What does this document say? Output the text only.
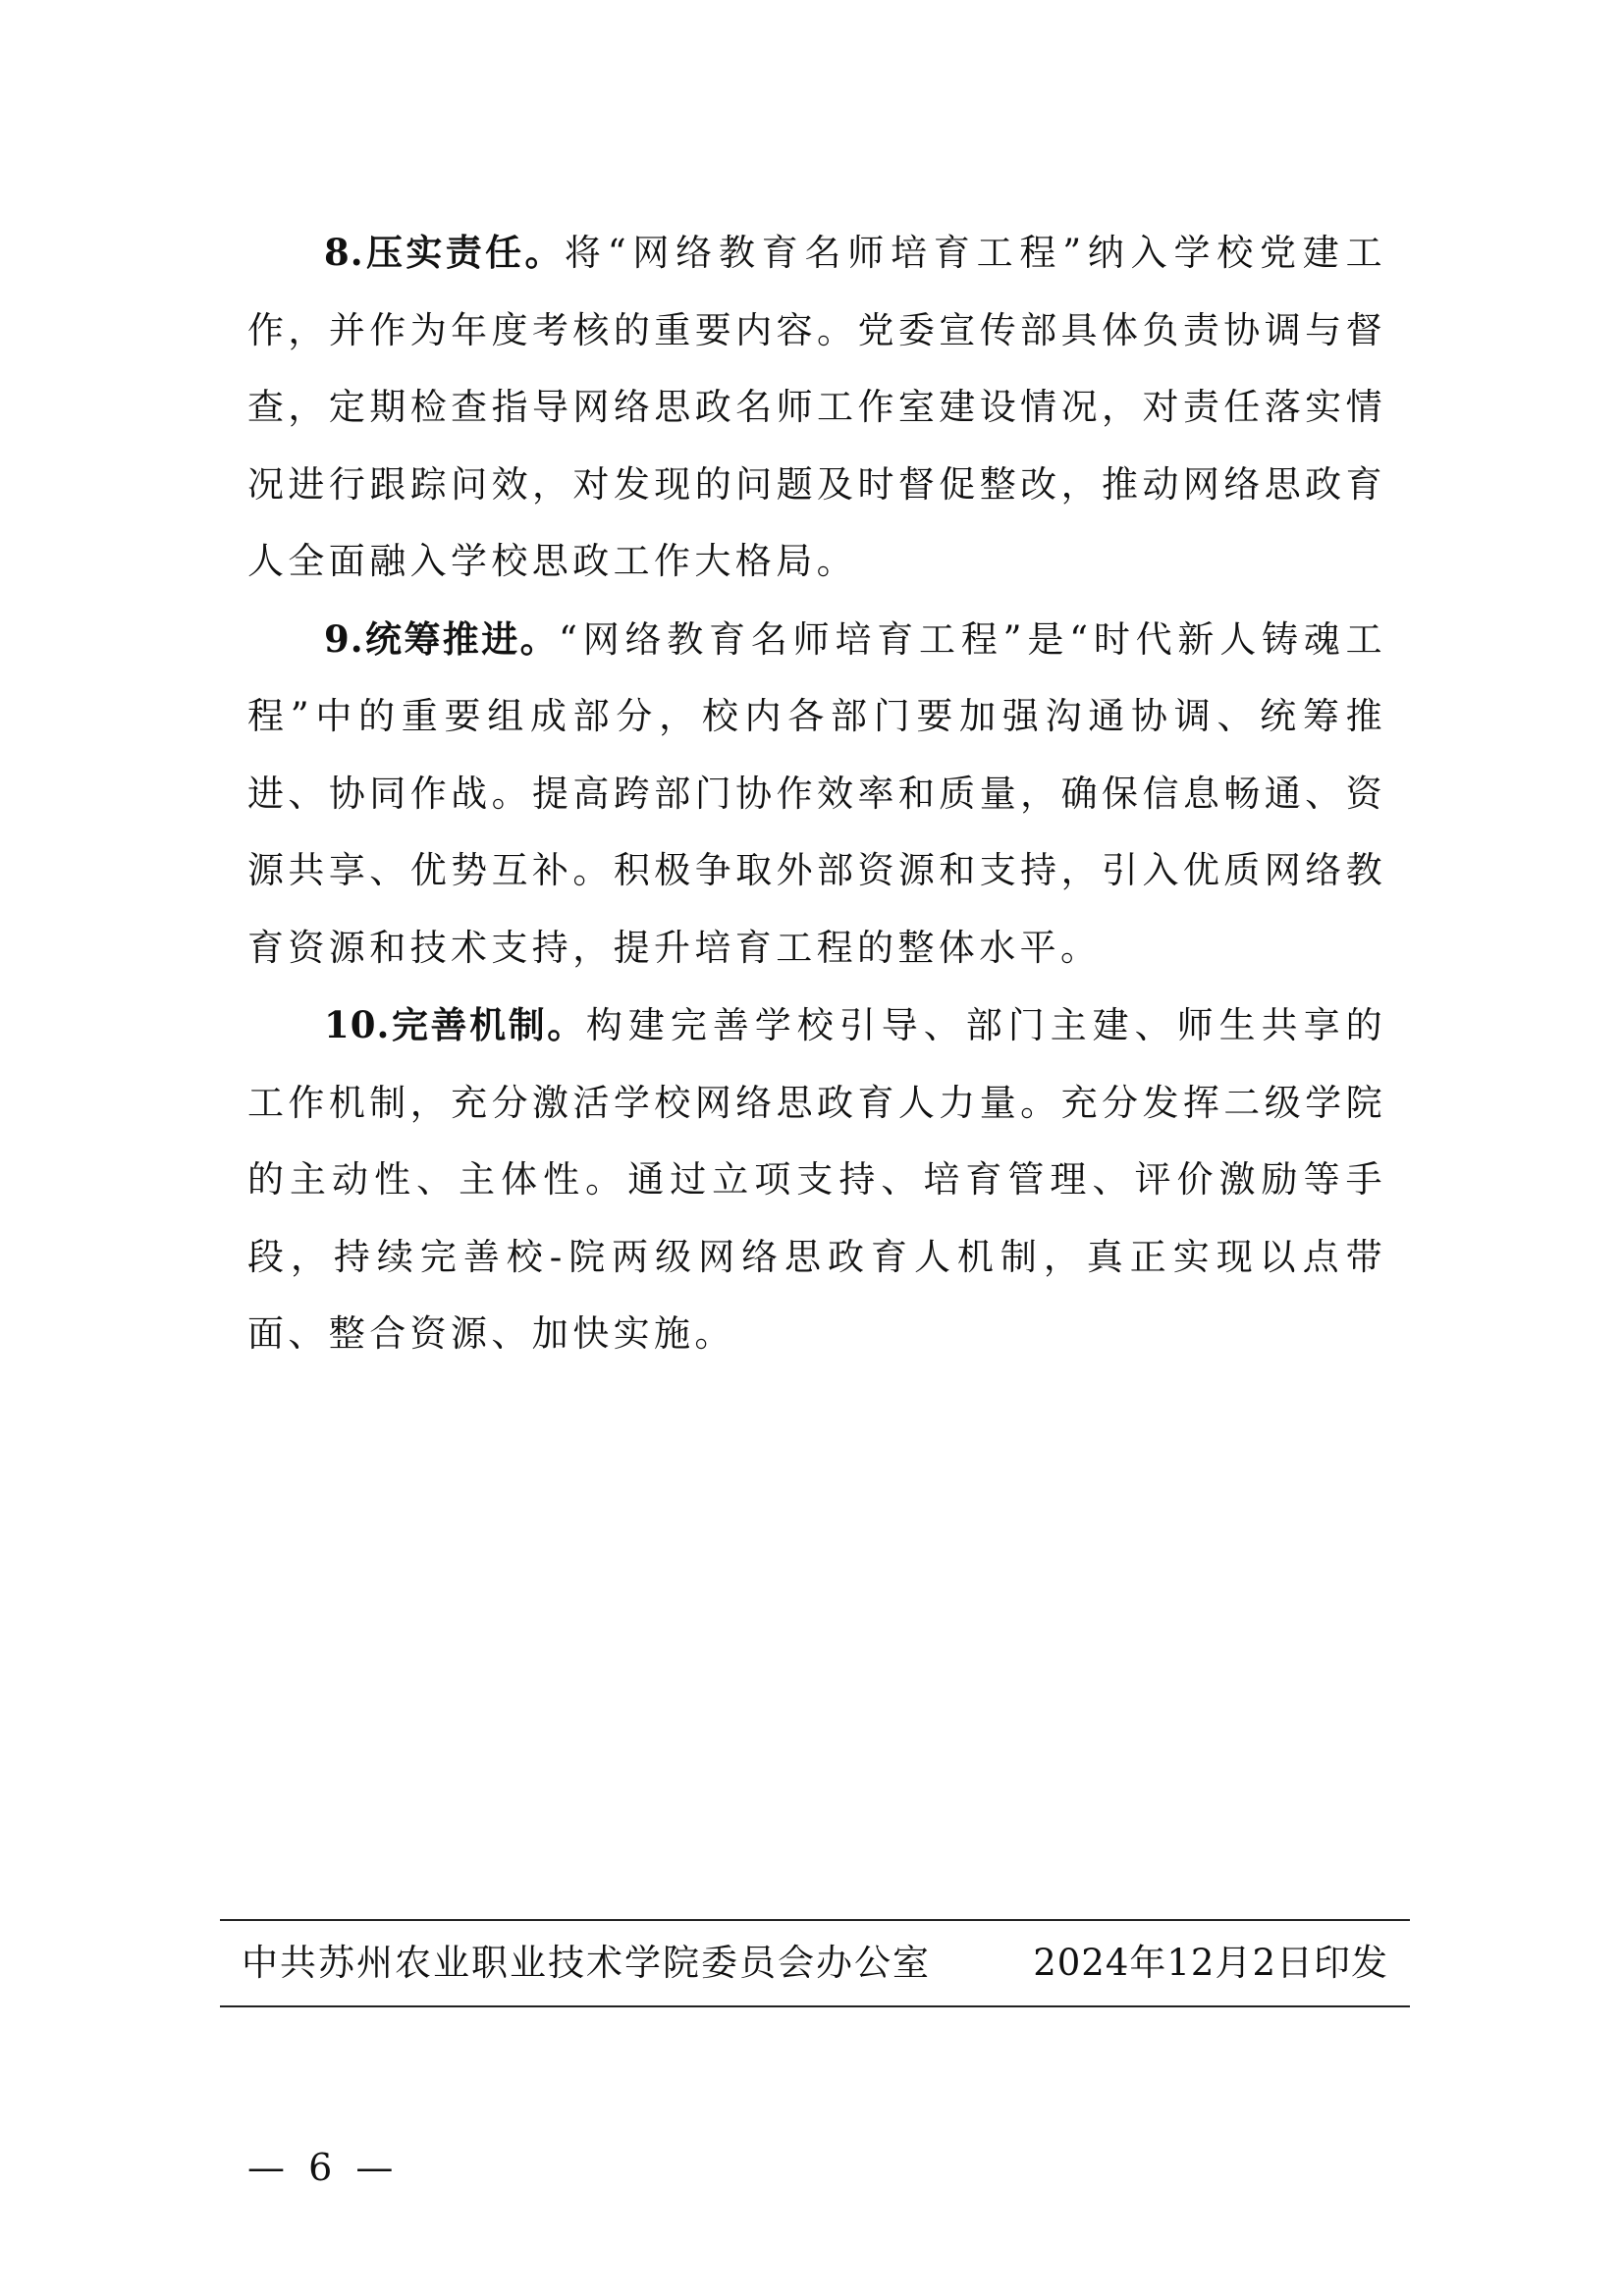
8.压实责任。将“网络教育名师培育工程”纳入学校党建工作，并作为年度考核的重要内容。党委宣传部具体负责协调与督查，定期检查指导网络思政名师工作室建设情况，对责任落实情况进行跟踪问效，对发现的问题及时督促整改，推动网络思政育人全面融入学校思政工作大格局。

9.统筹推进。“网络教育名师培育工程”是“时代新人铸魂工程”中的重要组成部分，校内各部门要加强沟通协调、统筹推进、协同作战。提高跨部门协作效率和质量，确保信息畅通、资源共享、优势互补。积极争取外部资源和支持，引入优质网络教育资源和技术支持，提升培育工程的整体水平。

10.完善机制。构建完善学校引导、部门主建、师生共享的工作机制，充分激活学校网络思政育人力量。充分发挥二级学院的主动性、主体性。通过立项支持、培育管理、评价激励等手段，持续完善校-院两级网络思政育人机制，真正实现以点带面、整合资源、加快实施。

中共苏州农业职业技术学院委员会办公室	2024年12月2日印发
— 6 —
